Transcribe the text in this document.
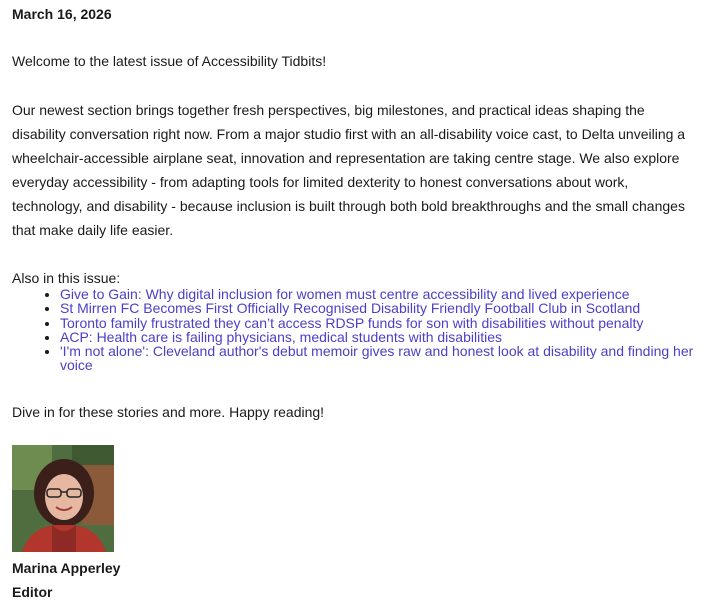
March 16, 2026

Welcome to the latest issue of Accessibility Tidbits!

Our newest section brings together fresh perspectives, big milestones, and practical ideas shaping the disability conversation right now. From a major studio first with an all-disability voice cast, to Delta unveiling a wheelchair-accessible airplane seat, innovation and representation are taking centre stage. We also explore everyday accessibility - from adapting tools for limited dexterity to honest conversations about work, technology, and disability - because inclusion is built through both bold breakthroughs and the small changes that make daily life easier.

Also in this issue:

• Give to Gain: Why digital inclusion for women must centre accessibility and lived experience
• St Mirren FC Becomes First Officially Recognised Disability Friendly Football Club in Scotland
• Toronto family frustrated they can’t access RDSP funds for son with disabilities without penalty
• ACP: Health care is failing physicians, medical students with disabilities
• 'I'm not alone': Cleveland author's debut memoir gives raw and honest look at disability and finding her voice

Dive in for these stories and more. Happy reading!

Marina Apperley

Editor
